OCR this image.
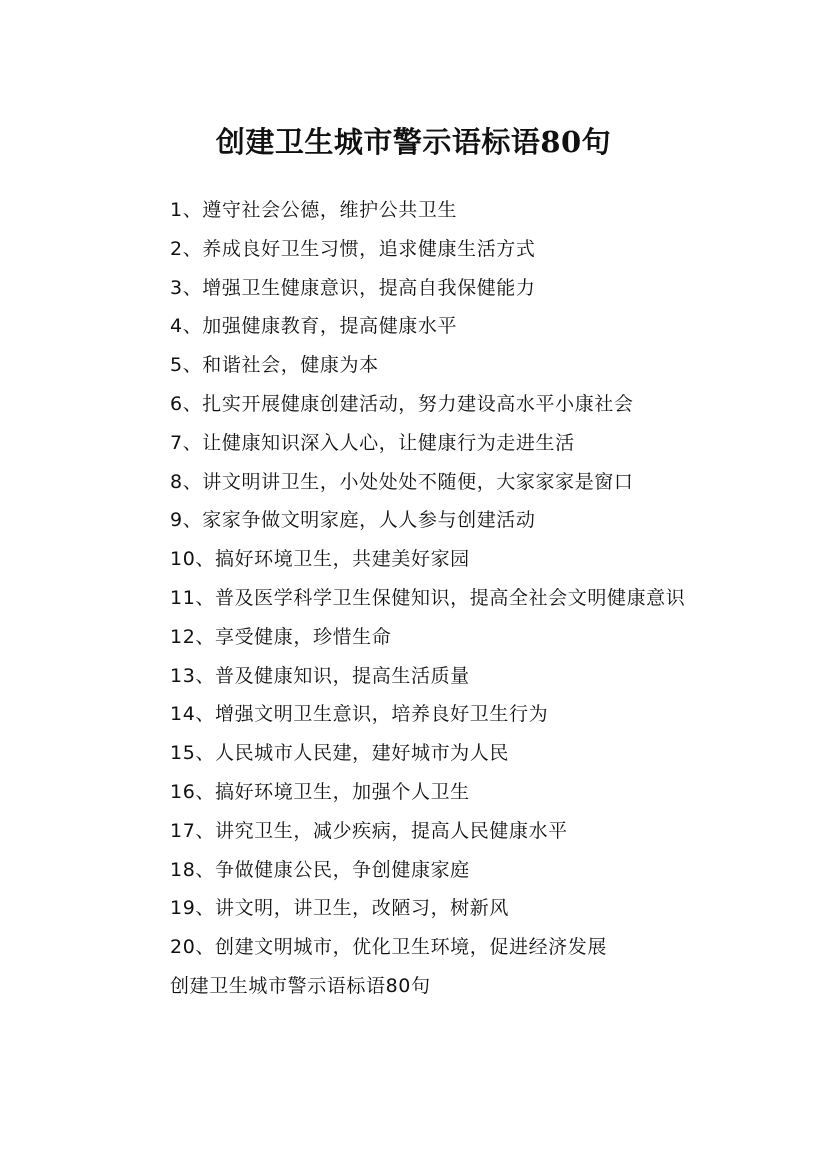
创建卫生城市警示语标语80句

1、遵守社会公德，维护公共卫生

2、养成良好卫生习惯，追求健康生活方式

3、增强卫生健康意识，提高自我保健能力

4、加强健康教育，提高健康水平

5、和谐社会，健康为本

6、扎实开展健康创建活动，努力建设高水平小康社会

7、让健康知识深入人心，让健康行为走进生活

8、讲文明讲卫生，小处处处不随便，大家家家是窗口

9、家家争做文明家庭，人人参与创建活动

10、搞好环境卫生，共建美好家园

11、普及医学科学卫生保健知识，提高全社会文明健康意识

12、享受健康，珍惜生命

13、普及健康知识，提高生活质量

14、增强文明卫生意识，培养良好卫生行为

15、人民城市人民建，建好城市为人民

16、搞好环境卫生，加强个人卫生

17、讲究卫生，减少疾病，提高人民健康水平

18、争做健康公民，争创健康家庭

19、讲文明，讲卫生，改陋习，树新风

20、创建文明城市，优化卫生环境，促进经济发展

创建卫生城市警示语标语80句
